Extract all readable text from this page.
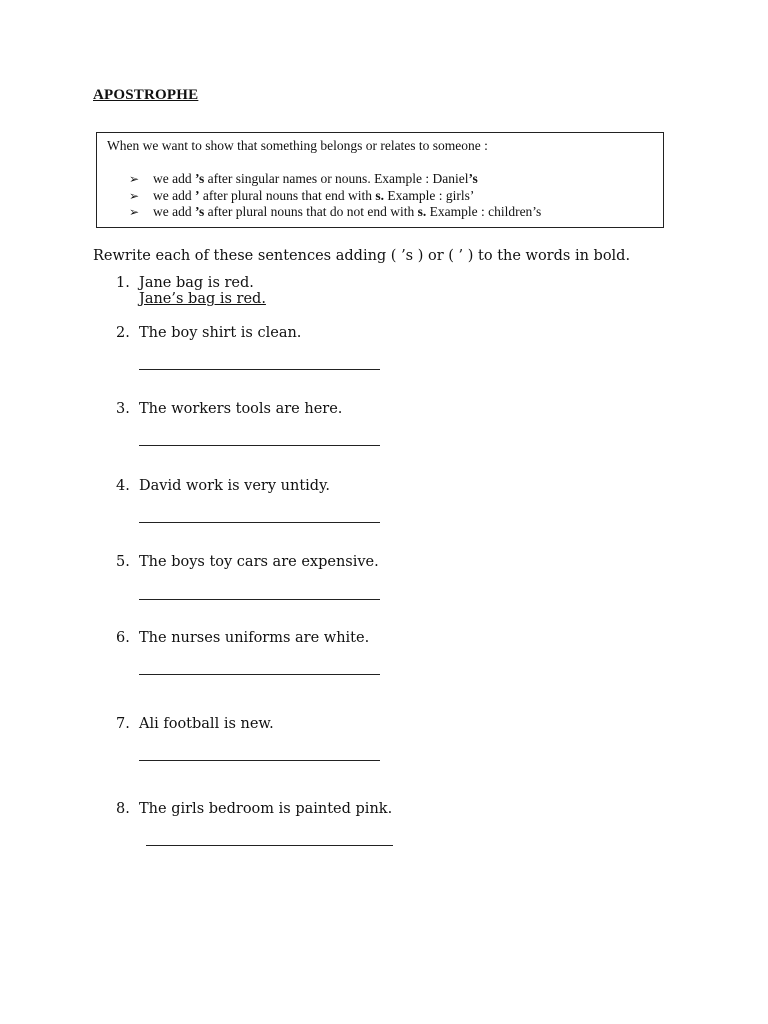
APOSTROPHE
When we want to show that something belongs or relates to someone :
➢ we add ’s after singular names or nouns. Example : Daniel’s
➢ we add ’ after plural nouns that end with s. Example : girls’
➢ we add ’s after plural nouns that do not end with s. Example : children’s
Rewrite each of these sentences adding ( ’s ) or ( ’ ) to the words in bold.
1. Jane bag is red.
Jane’s bag is red.
2. The boy shirt is clean.
3. The workers tools are here.
4. David work is very untidy.
5. The boys toy cars are expensive.
6. The nurses uniforms are white.
7. Ali football is new.
8. The girls bedroom is painted pink.
